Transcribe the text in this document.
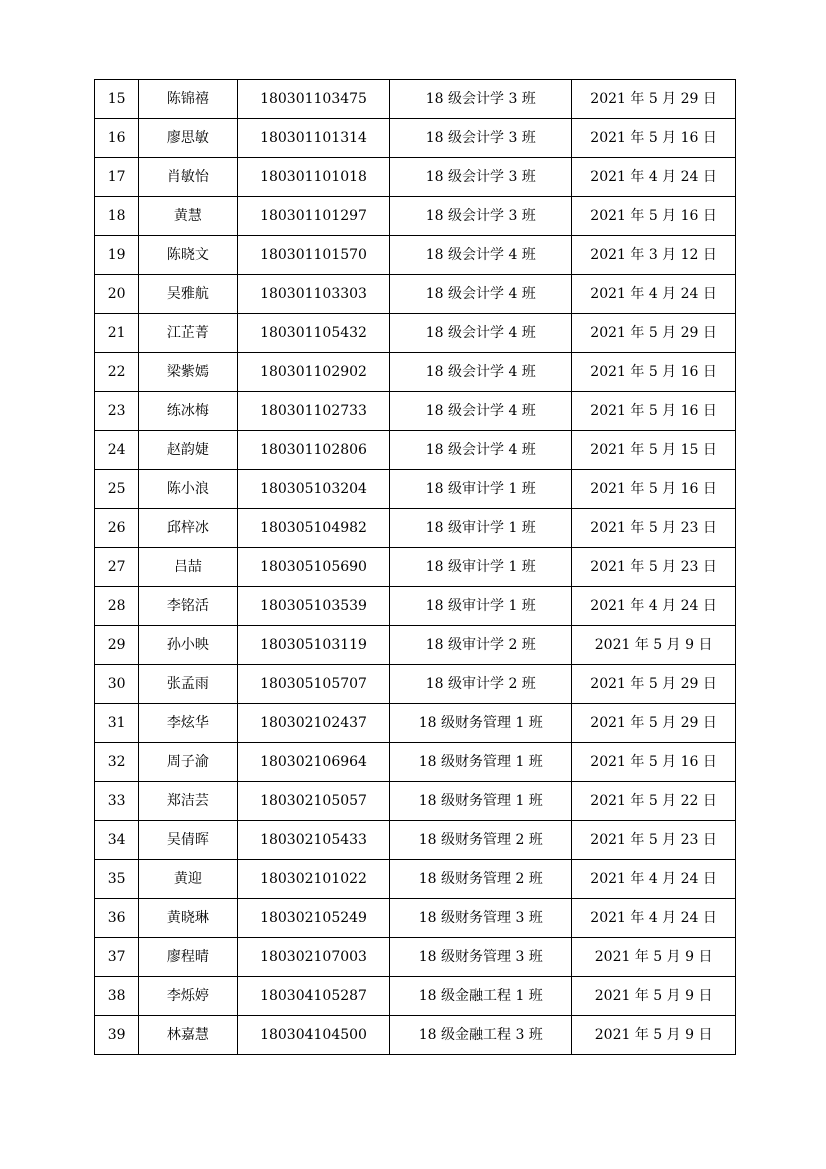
15	陈锦禧	180301103475	18 级会计学 3 班	2021 年 5 月 29 日
16	廖思敏	180301101314	18 级会计学 3 班	2021 年 5 月 16 日
17	肖敏怡	180301101018	18 级会计学 3 班	2021 年 4 月 24 日
18	黄慧	180301101297	18 级会计学 3 班	2021 年 5 月 16 日
19	陈晓文	180301101570	18 级会计学 4 班	2021 年 3 月 12 日
20	吴雅航	180301103303	18 级会计学 4 班	2021 年 4 月 24 日
21	江芷菁	180301105432	18 级会计学 4 班	2021 年 5 月 29 日
22	梁紫嫣	180301102902	18 级会计学 4 班	2021 年 5 月 16 日
23	练冰梅	180301102733	18 级会计学 4 班	2021 年 5 月 16 日
24	赵韵婕	180301102806	18 级会计学 4 班	2021 年 5 月 15 日
25	陈小浪	180305103204	18 级审计学 1 班	2021 年 5 月 16 日
26	邱梓冰	180305104982	18 级审计学 1 班	2021 年 5 月 23 日
27	吕喆	180305105690	18 级审计学 1 班	2021 年 5 月 23 日
28	李铭活	180305103539	18 级审计学 1 班	2021 年 4 月 24 日
29	孙小映	180305103119	18 级审计学 2 班	2021 年 5 月 9 日
30	张孟雨	180305105707	18 级审计学 2 班	2021 年 5 月 29 日
31	李炫华	180302102437	18 级财务管理 1 班	2021 年 5 月 29 日
32	周子渝	180302106964	18 级财务管理 1 班	2021 年 5 月 16 日
33	郑洁芸	180302105057	18 级财务管理 1 班	2021 年 5 月 22 日
34	吴倩晖	180302105433	18 级财务管理 2 班	2021 年 5 月 23 日
35	黄迎	180302101022	18 级财务管理 2 班	2021 年 4 月 24 日
36	黄晓琳	180302105249	18 级财务管理 3 班	2021 年 4 月 24 日
37	廖程晴	180302107003	18 级财务管理 3 班	2021 年 5 月 9 日
38	李烁婷	180304105287	18 级金融工程 1 班	2021 年 5 月 9 日
39	林嘉慧	180304104500	18 级金融工程 3 班	2021 年 5 月 9 日
